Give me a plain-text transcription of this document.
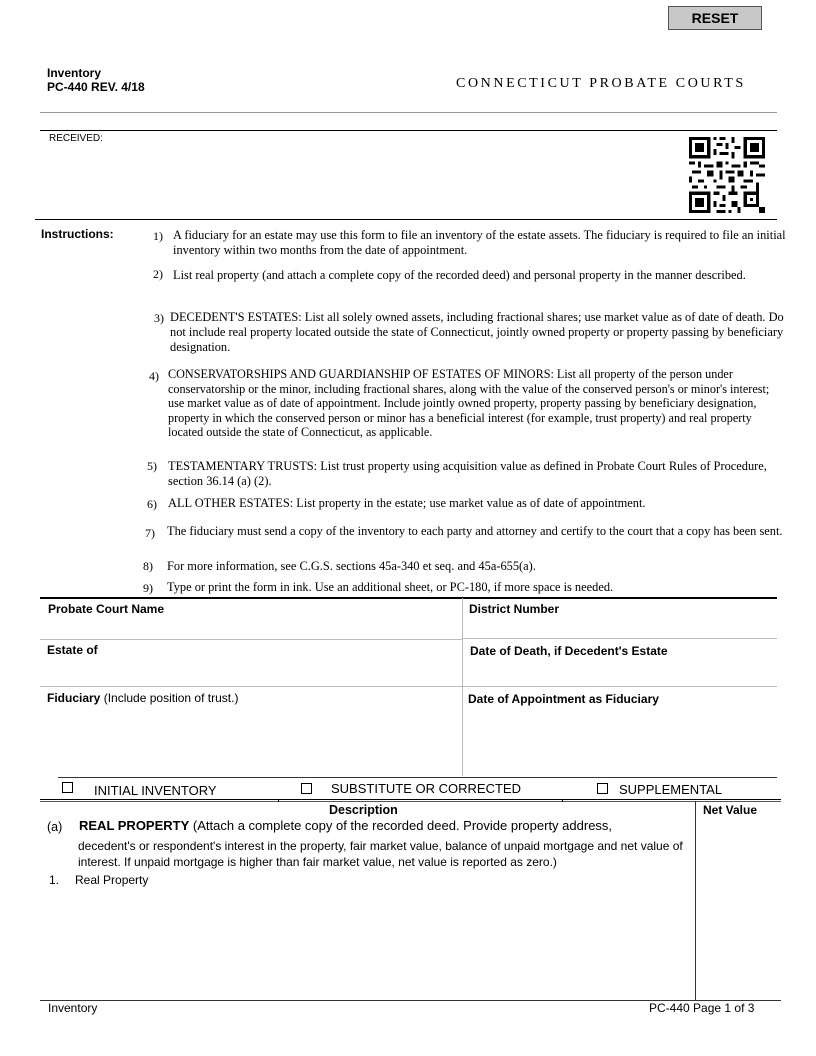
RESET
Inventory
PC-440 REV. 4/18	CONNECTICUT PROBATE COURTS
RECEIVED:
Instructions:	1) A fiduciary for an estate may use this form to file an inventory of the estate assets. The fiduciary is required to file an initial inventory within two months from the date of appointment.
2) List real property (and attach a complete copy of the recorded deed) and personal property in the manner described.
3) DECEDENT'S ESTATES: List all solely owned assets, including fractional shares; use market value as of date of death. Do not include real property located outside the state of Connecticut, jointly owned property or property passing by beneficiary designation.
4) CONSERVATORSHIPS AND GUARDIANSHIP OF ESTATES OF MINORS: List all property of the person under conservatorship or the minor, including fractional shares, along with the value of the conserved person's or minor's interest; use market value as of date of appointment. Include jointly owned property, property passing by beneficiary designation, property in which the conserved person or minor has a beneficial interest (for example, trust property) and real property located outside the state of Connecticut, as applicable.
5) TESTAMENTARY TRUSTS: List trust property using acquisition value as defined in Probate Court Rules of Procedure, section 36.14 (a) (2).
6) ALL OTHER ESTATES: List property in the estate; use market value as of date of appointment.
7) The fiduciary must send a copy of the inventory to each party and attorney and certify to the court that a copy has been sent.
8) For more information, see C.G.S. sections 45a-340 et seq. and 45a-655(a).
9) Type or print the form in ink. Use an additional sheet, or PC-180, if more space is needed.
Probate Court Name	District Number
Estate of	Date of Death, if Decedent's Estate
Fiduciary (Include position of trust.)	Date of Appointment as Fiduciary
INITIAL INVENTORY	SUBSTITUTE OR CORRECTED	SUPPLEMENTAL
Description	Net Value
(a) REAL PROPERTY (Attach a complete copy of the recorded deed. Provide property address,
decedent's or respondent's interest in the property, fair market value, balance of unpaid mortgage and net value of interest. If unpaid mortgage is higher than fair market value, net value is reported as zero.)
1. Real Property
Inventory	PC-440 Page 1 of 3
